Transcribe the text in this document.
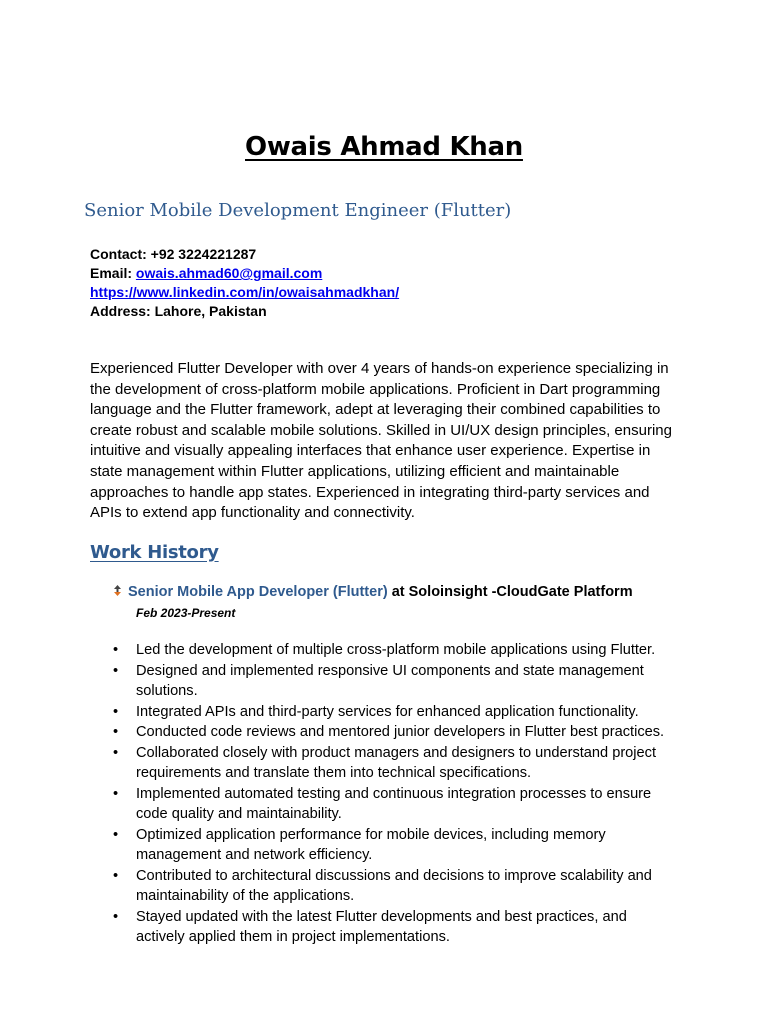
Owais Ahmad Khan
Senior Mobile Development Engineer (Flutter)
Contact: +92 3224221287
Email: owais.ahmad60@gmail.com
https://www.linkedin.com/in/owaisahmadkhan/
Address: Lahore, Pakistan
Experienced Flutter Developer with over 4 years of hands-on experience specializing in the development of cross-platform mobile applications. Proficient in Dart programming language and the Flutter framework, adept at leveraging their combined capabilities to create robust and scalable mobile solutions. Skilled in UI/UX design principles, ensuring intuitive and visually appealing interfaces that enhance user experience. Expertise in state management within Flutter applications, utilizing efficient and maintainable approaches to handle app states. Experienced in integrating third-party services and APIs to extend app functionality and connectivity.
Work History
Senior Mobile App Developer (Flutter) at Soloinsight -CloudGate Platform
Feb 2023-Present
• Led the development of multiple cross-platform mobile applications using Flutter.
• Designed and implemented responsive UI components and state management solutions.
• Integrated APIs and third-party services for enhanced application functionality.
• Conducted code reviews and mentored junior developers in Flutter best practices.
• Collaborated closely with product managers and designers to understand project requirements and translate them into technical specifications.
• Implemented automated testing and continuous integration processes to ensure code quality and maintainability.
• Optimized application performance for mobile devices, including memory management and network efficiency.
• Contributed to architectural discussions and decisions to improve scalability and maintainability of the applications.
• Stayed updated with the latest Flutter developments and best practices, and actively applied them in project implementations.
